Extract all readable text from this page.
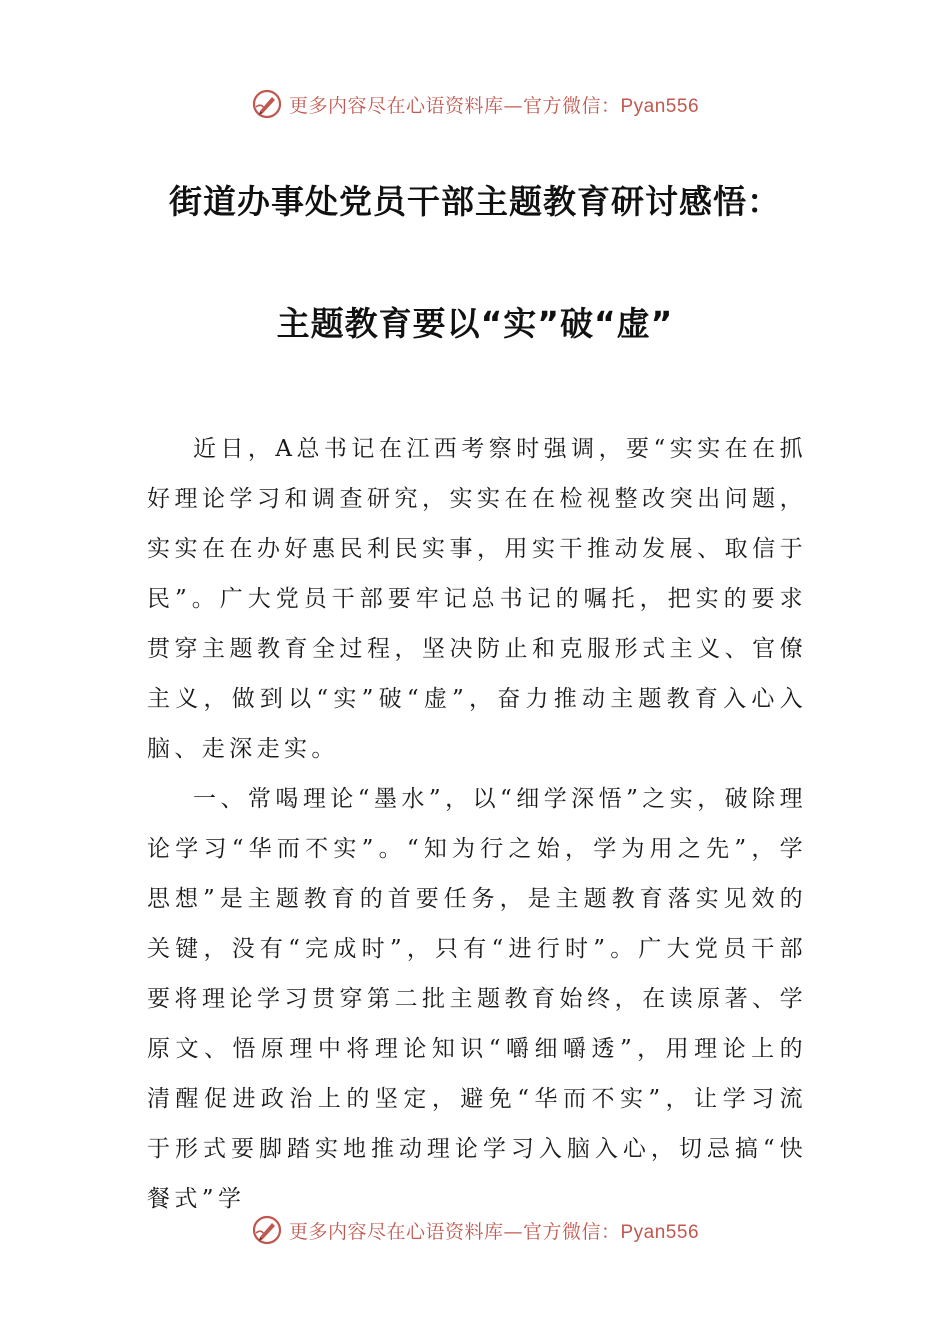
更多内容尽在心语资料库—官方微信：Pyan556
街道办事处党员干部主题教育研讨感悟：
主题教育要以“实”破“虚”

近日，A总书记在江西考察时强调，要“实实在在抓好理论学习和调查研究，实实在在检视整改突出问题，实实在在办好惠民利民实事，用实干推动发展、取信于民”。广大党员干部要牢记总书记的嘱托，把实的要求贯穿主题教育全过程，坚决防止和克服形式主义、官僚主义，做到以“实”破“虚”，奋力推动主题教育入心入脑、走深走实。

一、常喝理论“墨水”，以“细学深悟”之实，破除理论学习“华而不实”。“知为行之始，学为用之先”，学思想”是主题教育的首要任务，是主题教育落实见效的关键，没有“完成时”，只有“进行时”。广大党员干部要将理论学习贯穿第二批主题教育始终，在读原著、学原文、悟原理中将理论知识“嚼细嚼透”，用理论上的清醒促进政治上的坚定，避免“华而不实”，让学习流于形式要脚踏实地推动理论学习入脑入心，切忌搞“快餐式”学

更多内容尽在心语资料库—官方微信：Pyan556
